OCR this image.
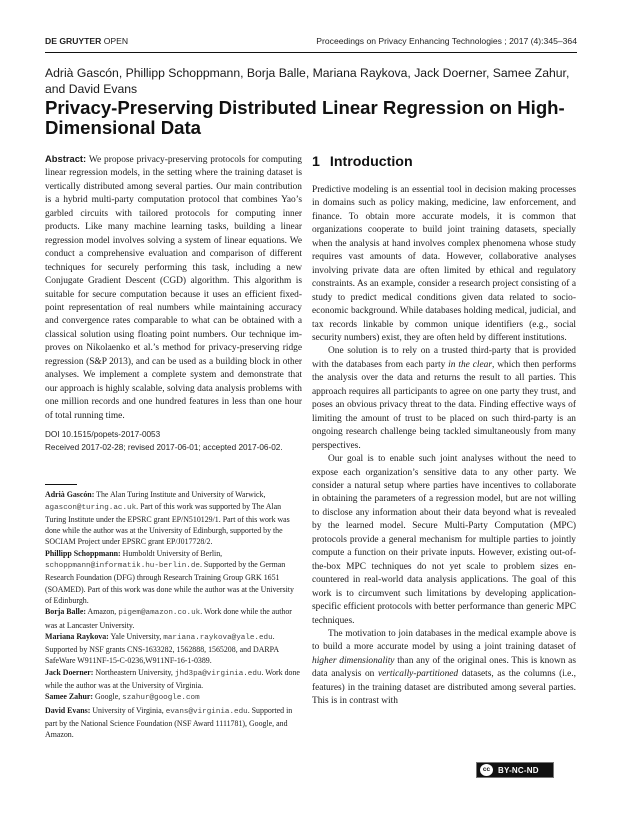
DE GRUYTER OPEN	Proceedings on Privacy Enhancing Technologies ; 2017 (4):345–364
Adrià Gascón, Phillipp Schoppmann, Borja Balle, Mariana Raykova, Jack Doerner, Samee Zahur, and David Evans
Privacy-Preserving Distributed Linear Regression on High-Dimensional Data

Abstract: We propose privacy-preserving protocols for computing linear regression models, in the setting where the training dataset is vertically distributed among several parties. Our main contribution is a hybrid multi-party computation protocol that combines Yao’s garbled circuits with tailored protocols for computing inner products. Like many machine learning tasks, building a linear regression model involves solving a system of linear equations. We conduct a comprehensive evaluation and comparison of different techniques for securely performing this task, including a new Conjugate Gradient Descent (CGD) algorithm. This algorithm is suitable for secure computation because it uses an efficient fixed-point representation of real numbers while maintaining accuracy and convergence rates comparable to what can be obtained with a classical solution using floating point numbers. Our technique improves on Nikolaenko et al.’s method for privacy-preserving ridge regression (S&P 2013), and can be used as a building block in other analyses. We implement a complete system and demonstrate that our approach is highly scalable, solving data analysis problems with one million records and one hundred features in less than one hour of total running time.

DOI 10.1515/popets-2017-0053
Received 2017-02-28; revised 2017-06-01; accepted 2017-06-02.
Adrià Gascón: The Alan Turing Institute and University of Warwick, agascon@turing.ac.uk. Part of this work was supported by The Alan Turing Institute under the EPSRC grant EP/N510129/1. Part of this work was done while the author was at the University of Edinburgh, supported by the SOCIAM Project under EPSRC grant EP/J017728/2.
Phillipp Schoppmann: Humboldt University of Berlin, schoppmann@informatik.hu-berlin.de. Supported by the German Research Foundation (DFG) through Research Training Group GRK 1651 (SOAMED). Part of this work was done while the author was at the University of Edinburgh.
Borja Balle: Amazon, pigem@amazon.co.uk. Work done while the author was at Lancaster University.
Mariana Raykova: Yale University, mariana.raykova@yale.edu. Supported by NSF grants CNS-1633282, 1562888, 1565208, and DARPA SafeWare W911NF-15-C-0236,W911NF-16-1-0389.
Jack Doerner: Northeastern University, jhd3pa@virginia.edu. Work done while the author was at the University of Virginia.
Samee Zahur: Google, szahur@google.com
David Evans: University of Virginia, evans@virginia.edu. Supported in part by the National Science Foundation (NSF Award 1111781), Google, and Amazon.
1 Introduction

Predictive modeling is an essential tool in decision making processes in domains such as policy making, medicine, law enforcement, and finance. To obtain more accurate models, it is common that organizations cooperate to build joint training datasets, specially when the analysis at hand involves complex phenomena whose study requires vast amounts of data. However, collaborative analyses involving private data are often limited by ethical and regulatory constraints. As an example, consider a research project consisting of a study to predict medical conditions given data related to socio-economic background. While databases holding medical, judicial, and tax records linkable by common unique identifiers (e.g., social security numbers) exist, they are often held by different institutions.

One solution is to rely on a trusted third-party that is provided with the databases from each party in the clear, which then performs the analysis over the data and returns the result to all parties. This approach requires all participants to agree on one party they trust, and poses an obvious privacy threat to the data. Finding effective ways of limiting the amount of trust to be placed on such third-party is an ongoing research challenge being tackled simultaneously from many perspectives.

Our goal is to enable such joint analyses without the need to expose each organization’s sensitive data to any other party. We consider a natural setup where parties have incentives to collaborate in obtaining the parameters of a regression model, but are not willing to disclose any information about their data beyond what is revealed by the learned model. Secure Multi-Party Computation (MPC) protocols provide a general mechanism for multiple parties to jointly compute a function on their private inputs. However, existing out-of-the-box MPC techniques do not yet scale to problem sizes encountered in real-world data analysis applications. The goal of this work is to circumvent such limitations by developing application-specific efficient protocols with better performance than generic MPC techniques.

The motivation to join databases in the medical example above is to build a more accurate model by using a joint training dataset of higher dimensionality than any of the original ones. This is known as data analysis on vertically-partitioned datasets, as the columns (i.e., features) in the training dataset are distributed among several parties. This is in contrast with

cc BY-NC-ND
